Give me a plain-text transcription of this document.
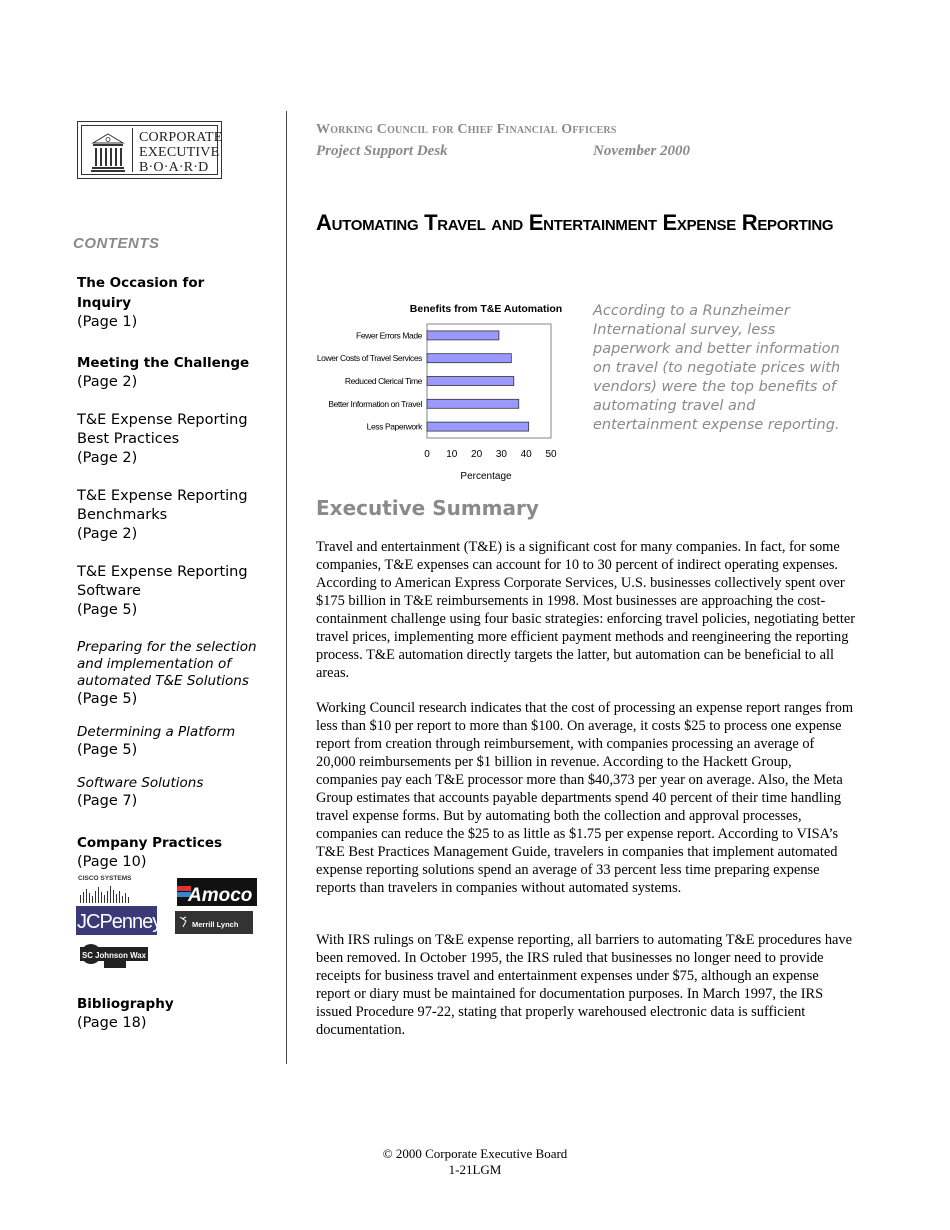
CORPORATE
EXECUTIVE
B·O·A·R·D
CONTENTS
The Occasion for Inquiry
(Page 1)
Meeting the Challenge
(Page 2)
T&E Expense Reporting Best Practices
(Page 2)
T&E Expense Reporting Benchmarks
(Page 2)
T&E Expense Reporting Software
(Page 5)
Preparing for the selection and implementation of automated T&E Solutions
(Page 5)
Determining a Platform
(Page 5)
Software Solutions
(Page 7)
Company Practices
(Page 10)
CISCO SYSTEMS
Amoco
JCPenney	Merrill Lynch
SC Johnson Wax
Bibliography
(Page 18)
Working Council for Chief Financial Officers
Project Support Desk	November 2000
Automating Travel and Entertainment Expense Reporting
Benefits from T&E Automation
Fewer Errors Made
Lower Costs of Travel Services
Reduced Clerical Time
Better Information on Travel
Less Paperwork
0 10 20 30 40 50
Percentage
According to a Runzheimer International survey, less paperwork and better information on travel (to negotiate prices with vendors) were the top benefits of automating travel and entertainment expense reporting.
Executive Summary

Travel and entertainment (T&E) is a significant cost for many companies. In fact, for some companies, T&E expenses can account for 10 to 30 percent of indirect operating expenses. According to American Express Corporate Services, U.S. businesses collectively spent over $175 billion in T&E reimbursements in 1998. Most businesses are approaching the cost-containment challenge using four basic strategies: enforcing travel policies, negotiating better travel prices, implementing more efficient payment methods and reengineering the reporting process. T&E automation directly targets the latter, but automation can be beneficial to all areas.

Working Council research indicates that the cost of processing an expense report ranges from less than $10 per report to more than $100. On average, it costs $25 to process one expense report from creation through reimbursement, with companies processing an average of 20,000 reimbursements per $1 billion in revenue. According to the Hackett Group, companies pay each T&E processor more than $40,373 per year on average. Also, the Meta Group estimates that accounts payable departments spend 40 percent of their time handling travel expense forms. But by automating both the collection and approval processes, companies can reduce the $25 to as little as $1.75 per expense report. According to VISA’s T&E Best Practices Management Guide, travelers in companies that implement automated expense reporting solutions spend an average of 33 percent less time preparing expense reports than travelers in companies without automated systems.

With IRS rulings on T&E expense reporting, all barriers to automating T&E procedures have been removed. In October 1995, the IRS ruled that businesses no longer need to provide receipts for business travel and entertainment expenses under $75, although an expense report or diary must be maintained for documentation purposes. In March 1997, the IRS issued Procedure 97-22, stating that properly warehoused electronic data is sufficient documentation.

© 2000 Corporate Executive Board
1-21LGM
